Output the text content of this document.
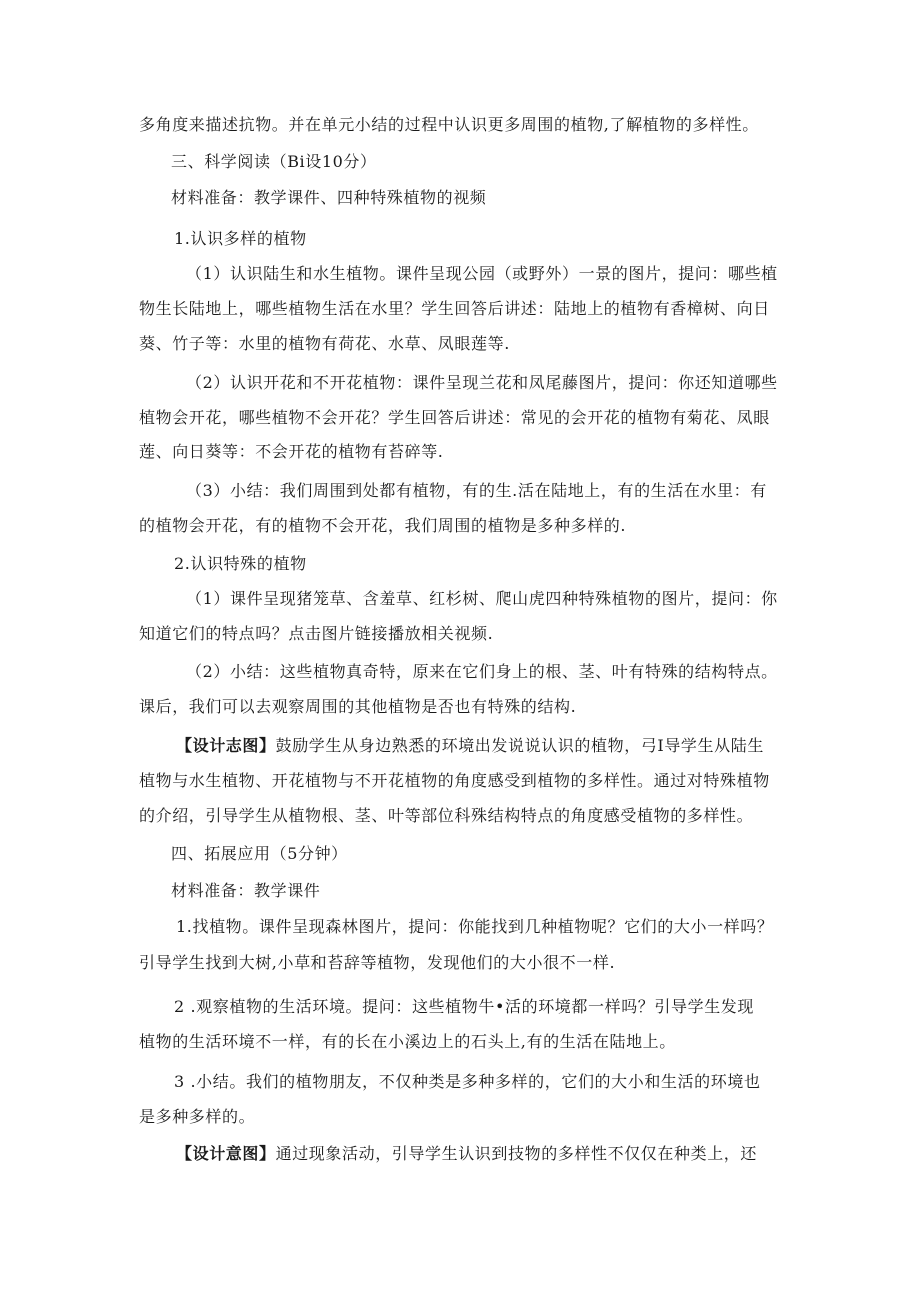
多角度来描述抗物。并在单元小结的过程中认识更多周围的植物,了解植物的多样性。
三、科学阅读（Bi设10分）
材料准备：教学课件、四种特殊植物的视频
1.认识多样的植物
（1）认识陆生和水生植物。课件呈现公园（或野外）一景的图片，提问：哪些植
物生长陆地上，哪些植物生活在水里？学生回答后讲述：陆地上的植物有香樟树、向日
葵、竹子等：水里的植物有荷花、水草、凤眼莲等.
（2）认识开花和不开花植物：课件呈现兰花和凤尾藤图片，提问：你还知道哪些
植物会开花，哪些植物不会开花？学生回答后讲述：常见的会开花的植物有菊花、凤眼
莲、向日葵等：不会开花的植物有苔碎等.
（3）小结：我们周围到处都有植物，有的生.活在陆地上，有的生活在水里：有
的植物会开花，有的植物不会开花，我们周围的植物是多种多样的.
2.认识特殊的植物
（1）课件呈现猪笼草、含羞草、红杉树、爬山虎四种特殊植物的图片，提问：你
知道它们的特点吗？点击图片链接播放相关视频.
（2）小结：这些植物真奇特，原来在它们身上的根、茎、叶有特殊的结构特点。
课后，我们可以去观察周围的其他植物是否也有特殊的结构.
【设计志图】鼓励学生从身边熟悉的环境出发说说认识的植物，弓I导学生从陆生
植物与水生植物、开花植物与不开花植物的角度感受到植物的多样性。通过对特殊植物
的介绍，引导学生从植物根、茎、叶等部位科殊结构特点的角度感受植物的多样性。
四、拓展应用（5分钟）
材料准备：教学课件
1.找植物。课件呈现森林图片，提问：你能找到几种植物呢？它们的大小一样吗？
引导学生找到大树,小草和苔辞等植物，发现他们的大小很不一样.
2 .观察植物的生活环境。提问：这些植物牛•活的环境都一样吗？引导学生发现
植物的生活环境不一样，有的长在小溪边上的石头上,有的生活在陆地上。
3 .小结。我们的植物朋友，不仅种类是多种多样的，它们的大小和生活的环境也
是多种多样的。
【设计意图】通过现象活动，引导学生认识到技物的多样性不仅仅在种类上，还
